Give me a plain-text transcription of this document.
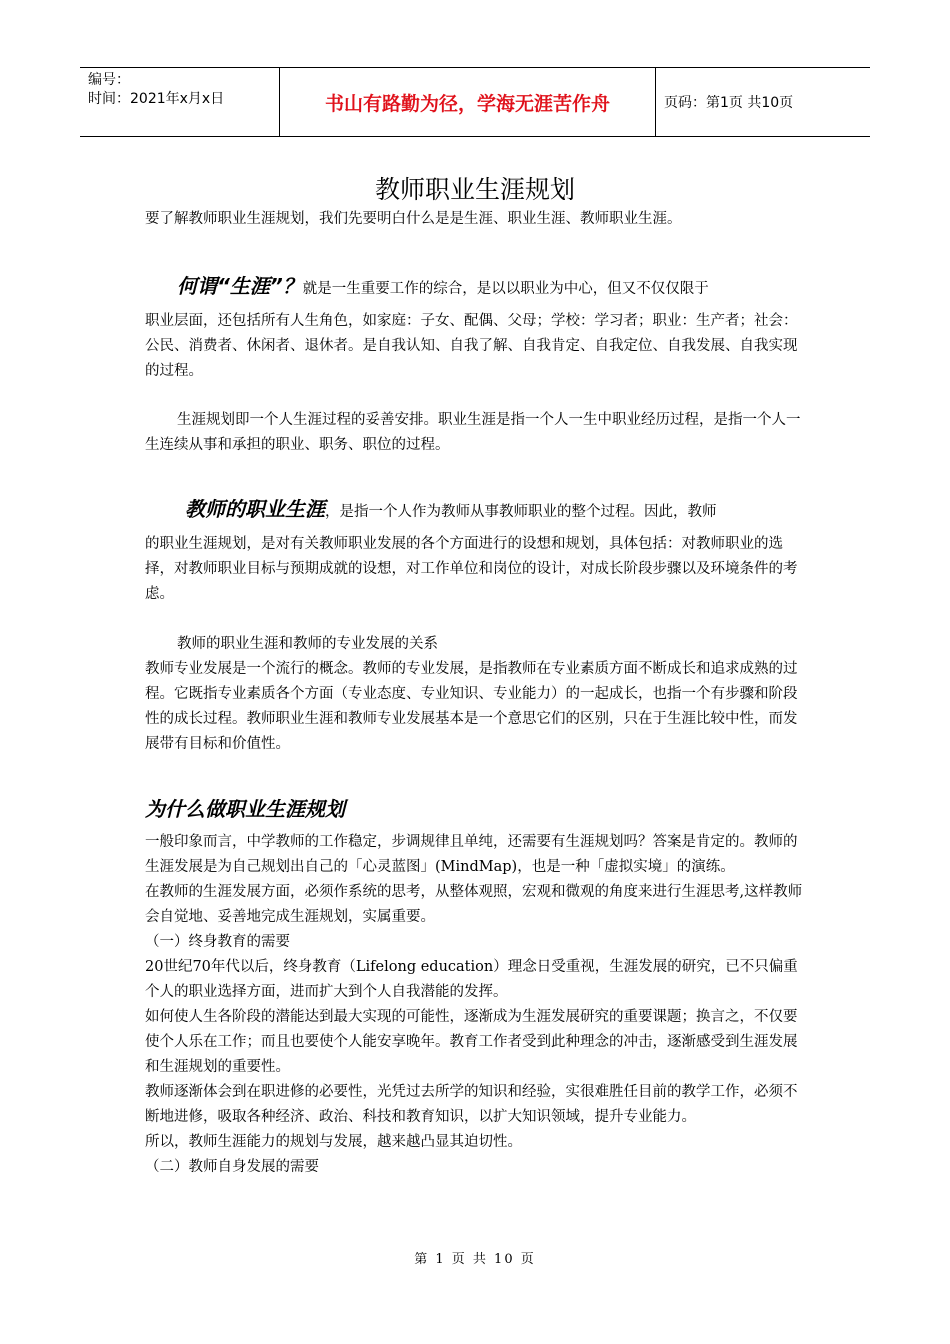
编号：
时间：2021年x月x日	书山有路勤为径，学海无涯苦作舟	页码：第1页 共10页
教师职业生涯规划

要了解教师职业生涯规划，我们先要明白什么是是生涯、职业生涯、教师职业生涯。

何谓“生涯”？就是一生重要工作的综合，是以以职业为中心，但又不仅仅限于

职业层面，还包括所有人生角色，如家庭：子女、配偶、父母；学校：学习者；职业：生产者；社会：公民、消费者、休闲者、退休者。是自我认知、自我了解、自我肯定、自我定位、自我发展、自我实现的过程。

生涯规划即一个人生涯过程的妥善安排。职业生涯是指一个人一生中职业经历过程，是指一个人一生连续从事和承担的职业、职务、职位的过程。

教师的职业生涯，是指一个人作为教师从事教师职业的整个过程。因此，教师

的职业生涯规划，是对有关教师职业发展的各个方面进行的设想和规划，具体包括：对教师职业的选择，对教师职业目标与预期成就的设想，对工作单位和岗位的设计，对成长阶段步骤以及环境条件的考虑。

教师的职业生涯和教师的专业发展的关系

教师专业发展是一个流行的概念。教师的专业发展，是指教师在专业素质方面不断成长和追求成熟的过程。它既指专业素质各个方面（专业态度、专业知识、专业能力）的一起成长，也指一个有步骤和阶段性的成长过程。教师职业生涯和教师专业发展基本是一个意思它们的区别，只在于生涯比较中性，而发展带有目标和价值性。

为什么做职业生涯规划

一般印象而言，中学教师的工作稳定，步调规律且单纯，还需要有生涯规划吗？答案是肯定的。教师的生涯发展是为自己规划出自己的「心灵蓝图」(MindMap)，也是一种「虚拟实境」的演练。

在教师的生涯发展方面，必须作系统的思考，从整体观照，宏观和微观的角度来进行生涯思考,这样教师会自觉地、妥善地完成生涯规划，实属重要。

（一）终身教育的需要

20世纪70年代以后，终身教育（Lifelong education）理念日受重视，生涯发展的研究，已不只偏重个人的职业选择方面，进而扩大到个人自我潜能的发挥。

如何使人生各阶段的潜能达到最大实现的可能性，逐渐成为生涯发展研究的重要课题；换言之，不仅要使个人乐在工作；而且也要使个人能安享晚年。教育工作者受到此种理念的冲击，逐渐感受到生涯发展和生涯规划的重要性。

教师逐渐体会到在职进修的必要性，光凭过去所学的知识和经验，实很难胜任目前的教学工作，必须不断地进修，吸取各种经济、政治、科技和教育知识，以扩大知识领域，提升专业能力。

所以，教师生涯能力的规划与发展，越来越凸显其迫切性。

（二）教师自身发展的需要

第 1 页 共 10 页
